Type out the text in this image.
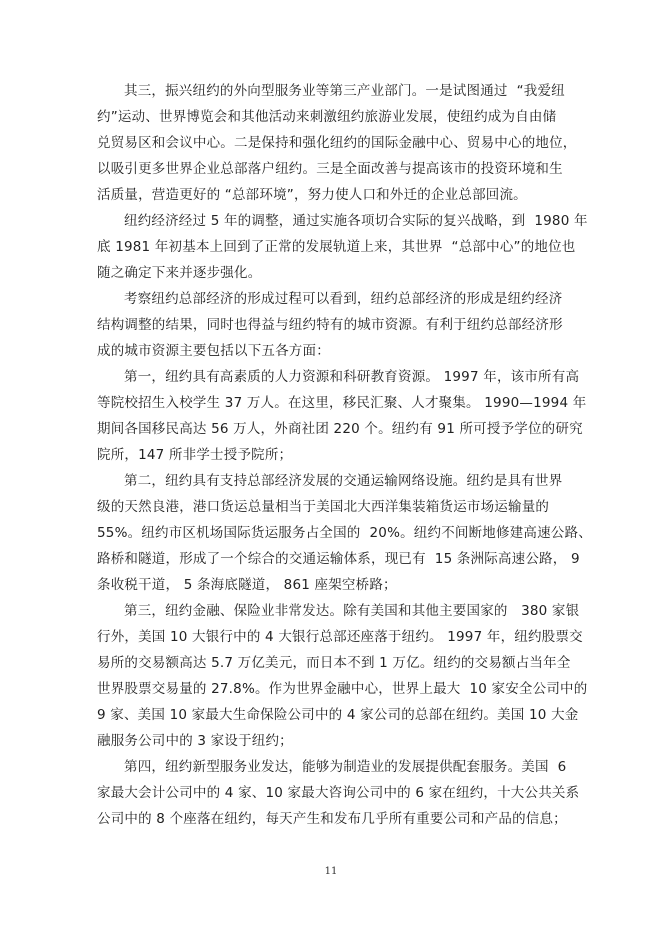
其三，振兴纽约的外向型服务业等第三产业部门。一是试图通过  “我爱纽
约”运动、世界博览会和其他活动来刺激纽约旅游业发展，使纽约成为自由储
兑贸易区和会议中心。二是保持和强化纽约的国际金融中心、贸易中心的地位，
以吸引更多世界企业总部落户纽约。三是全面改善与提高该市的投资环境和生
活质量，营造更好的 “总部环境”，努力使人口和外迁的企业总部回流。
纽约经济经过 5 年的调整，通过实施各项切合实际的复兴战略，到  1980 年
底 1981 年初基本上回到了正常的发展轨道上来，其世界  “总部中心”的地位也
随之确定下来并逐步强化。
考察纽约总部经济的形成过程可以看到，纽约总部经济的形成是纽约经济
结构调整的结果，同时也得益与纽约特有的城市资源。有利于纽约总部经济形
成的城市资源主要包括以下五各方面：
第一，纽约具有高素质的人力资源和科研教育资源。 1997 年，该市所有高
等院校招生入校学生 37 万人。在这里，移民汇聚、人才聚集。 1990—1994 年
期间各国移民高达 56 万人，外商社团 220 个。纽约有 91 所可授予学位的研究
院所，147 所非学士授予院所；
第二，纽约具有支持总部经济发展的交通运输网络设施。纽约是具有世界
级的天然良港，港口货运总量相当于美国北大西洋集装箱货运市场运输量的
55%。纽约市区机场国际货运服务占全国的  20%。纽约不间断地修建高速公路、
路桥和隧道，形成了一个综合的交通运输体系，现已有  15 条洲际高速公路， 9
条收税干道， 5 条海底隧道， 861 座架空桥路；
第三，纽约金融、保险业非常发达。除有美国和其他主要国家的   380 家银
行外，美国 10 大银行中的 4 大银行总部还座落于纽约。 1997 年，纽约股票交
易所的交易额高达 5.7 万亿美元，而日本不到 1 万亿。纽约的交易额占当年全
世界股票交易量的 27.8%。作为世界金融中心，世界上最大  10 家安全公司中的
9 家、美国 10 家最大生命保险公司中的 4 家公司的总部在纽约。美国 10 大金
融服务公司中的 3 家设于纽约；
第四，纽约新型服务业发达，能够为制造业的发展提供配套服务。美国  6
家最大会计公司中的 4 家、10 家最大咨询公司中的 6 家在纽约，十大公共关系
公司中的 8 个座落在纽约，每天产生和发布几乎所有重要公司和产品的信息；
11
